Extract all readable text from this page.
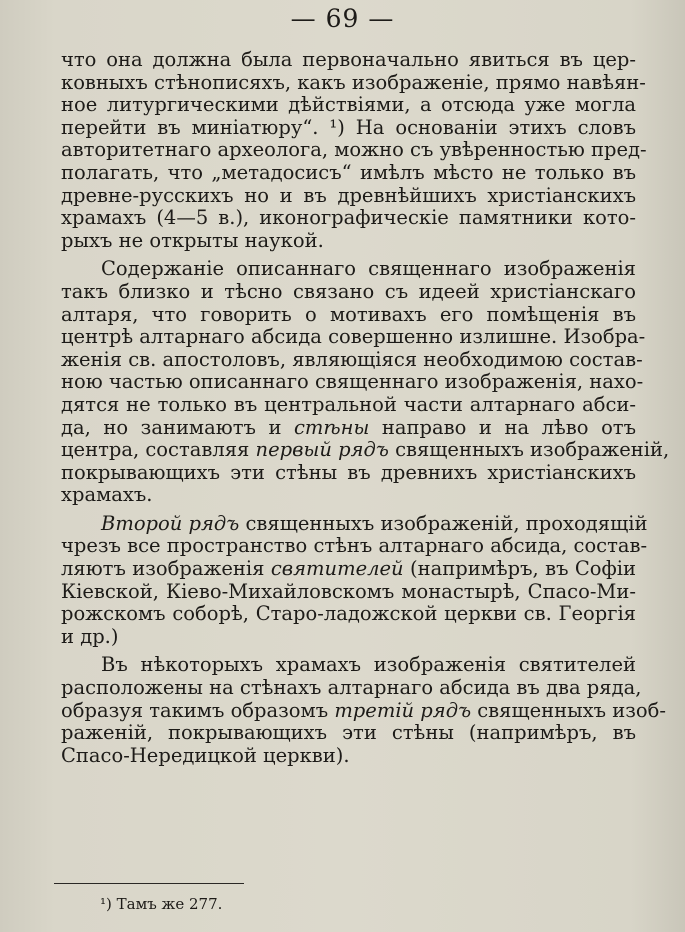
— 69 —
что она должна была первоначально явиться въ цер-
ковныхъ стѣнописяхъ, какъ изображеніе, прямо навѣян-
ное литургическими дѣйствіями, а отсюда уже могла
перейти въ миніатюру“. ¹) На основаніи этихъ словъ
авторитетнаго археолога, можно съ увѣренностью пред-
полагать, что „метадосисъ“ имѣлъ мѣсто не только въ
древне-русскихъ но и въ древнѣйшихъ христіанскихъ
храмахъ (4—5 в.), иконографическіе памятники кото-
рыхъ не открыты наукой.
Содержаніе описаннаго священнаго изображенія
такъ близко и тѣсно связано съ идеей христіанскаго
алтаря, что говорить о мотивахъ его помѣщенія въ
центрѣ алтарнаго абсида совершенно излишне. Изобра-
женія св. апостоловъ, являющіяся необходимою состав-
ною частью описаннаго священнаго изображенія, нахо-
дятся не только въ центральной части алтарнаго абси-
да, но занимаютъ и стѣны направо и на лѣво отъ
центра, составляя первый рядъ священныхъ изображеній,
покрывающихъ эти стѣны въ древнихъ христіанскихъ
храмахъ.
Второй рядъ священныхъ изображеній, проходящій
чрезъ все пространство стѣнъ алтарнаго абсида, состав-
ляютъ изображенія святителей (напримѣръ, въ Софіи
Кіевской, Кіево-Михайловскомъ монастырѣ, Спасо-Ми-
рожскомъ соборѣ, Старо-ладожской церкви св. Георгія
и др.)
Въ нѣкоторыхъ храмахъ изображенія святителей
расположены на стѣнахъ алтарнаго абсида въ два ряда,
образуя такимъ образомъ третій рядъ священныхъ изоб-
раженій, покрывающихъ эти стѣны (напримѣръ, въ
Спасо-Нередицкой церкви).
¹) Тамъ же 277.
